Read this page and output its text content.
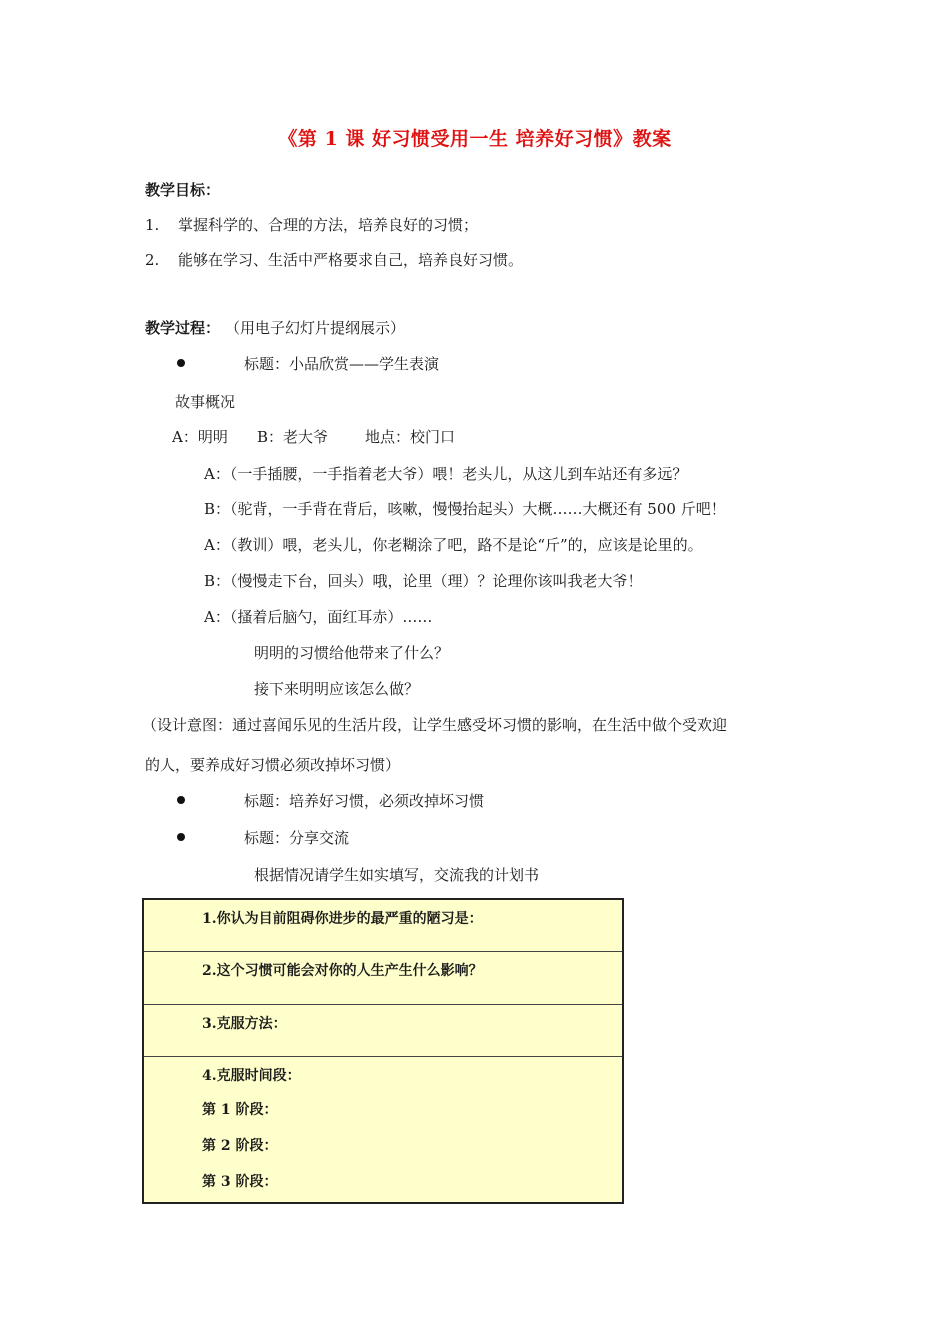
《第 1 课 好习惯受用一生 培养好习惯》教案
教学目标：
1. 掌握科学的、合理的方法，培养良好的习惯；
2. 能够在学习、生活中严格要求自己，培养良好习惯。
教学过程： （用电子幻灯片提纲展示）
标题：小品欣赏——学生表演
故事概况
A：明明 B：老大爷 地点：校门口
A：（一手插腰，一手指着老大爷）喂！老头儿，从这儿到车站还有多远？
B：（驼背，一手背在背后，咳嗽，慢慢抬起头）大概……大概还有 500 斤吧！
A：（教训）喂，老头儿，你老糊涂了吧，路不是论“斤”的，应该是论里的。
B：（慢慢走下台，回头）哦，论里（理）？论理你该叫我老大爷！
A：（搔着后脑勺，面红耳赤）……
明明的习惯给他带来了什么？
接下来明明应该怎么做？
（设计意图：通过喜闻乐见的生活片段，让学生感受坏习惯的影响，在生活中做个受欢迎
的人，要养成好习惯必须改掉坏习惯）
标题：培养好习惯，必须改掉坏习惯
标题：分享交流
根据情况请学生如实填写，交流我的计划书
1.你认为目前阻碍你进步的最严重的陋习是：
2.这个习惯可能会对你的人生产生什么影响？
3.克服方法：
4.克服时间段：
第 1 阶段：
第 2 阶段：
第 3 阶段：
